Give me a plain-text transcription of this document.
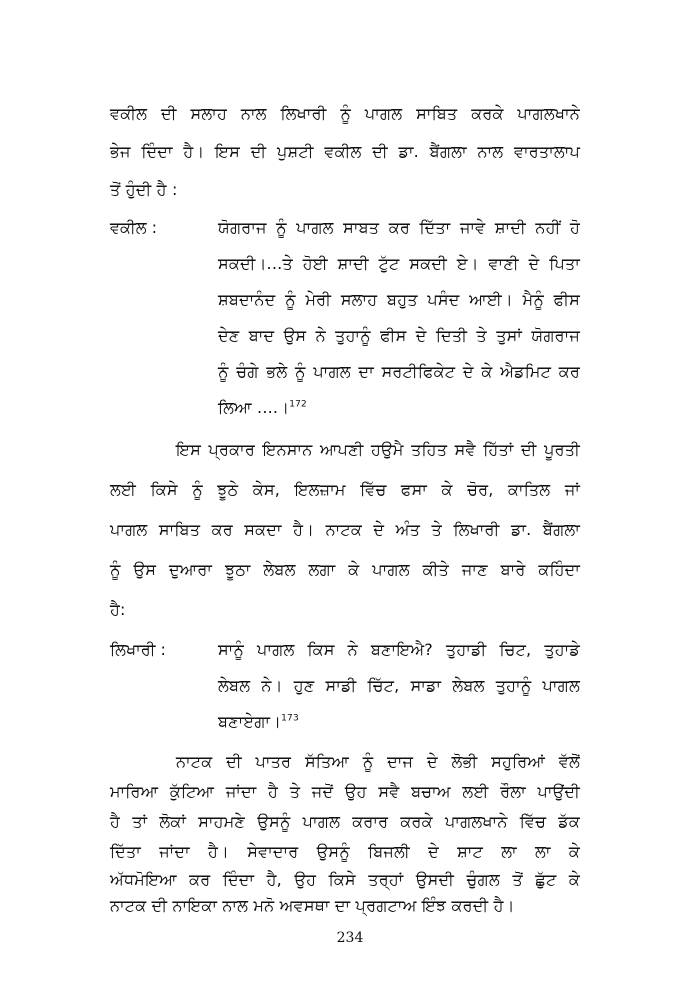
ਵਕੀਲ ਦੀ ਸਲਾਹ ਨਾਲ ਲਿਖਾਰੀ ਨੂੰ ਪਾਗਲ ਸਾਬਿਤ ਕਰਕੇ ਪਾਗਲਖਾਨੇ
ਭੇਜ ਦਿੰਦਾ ਹੈ। ਇਸ ਦੀ ਪੁਸ਼ਟੀ ਵਕੀਲ ਦੀ ਡਾ. ਬੈਂਗਲਾ ਨਾਲ ਵਾਰਤਾਲਾਪ
ਤੋਂ ਹੁੰਦੀ ਹੈ :
ਵਕੀਲ :	ਯੋਗਰਾਜ ਨੂੰ ਪਾਗਲ ਸਾਬਤ ਕਰ ਦਿੱਤਾ ਜਾਵੇ ਸ਼ਾਦੀ ਨਹੀਂ ਹੋ
ਸਕਦੀ।...ਤੇ ਹੋਈ ਸ਼ਾਦੀ ਟੁੱਟ ਸਕਦੀ ਏ। ਵਾਣੀ ਦੇ ਪਿਤਾ
ਸ਼ਬਦਾਨੰਦ ਨੂੰ ਮੇਰੀ ਸਲਾਹ ਬਹੁਤ ਪਸੰਦ ਆਈ। ਮੈਨੂੰ ਫੀਸ
ਦੇਣ ਬਾਦ ਉਸ ਨੇ ਤੁਹਾਨੂੰ ਫੀਸ ਦੇ ਦਿਤੀ ਤੇ ਤੁਸਾਂ ਯੋਗਰਾਜ
ਨੂੰ ਚੰਗੇ ਭਲੇ ਨੂੰ ਪਾਗਲ ਦਾ ਸਰਟੀਫਿਕੇਟ ਦੇ ਕੇ ਐਡਮਿਟ ਕਰ
ਲਿਆ ....।$^{172}$
ਇਸ ਪ੍ਰਕਾਰ ਇਨਸਾਨ ਆਪਣੀ ਹਉਮੈ ਤਹਿਤ ਸਵੈ ਹਿੱਤਾਂ ਦੀ ਪੂਰਤੀ
ਲਈ ਕਿਸੇ ਨੂੰ ਝੂਠੇ ਕੇਸ, ਇਲਜ਼ਾਮ ਵਿੱਚ ਫਸਾ ਕੇ ਚੋਰ, ਕਾਤਿਲ ਜਾਂ
ਪਾਗਲ ਸਾਬਿਤ ਕਰ ਸਕਦਾ ਹੈ। ਨਾਟਕ ਦੇ ਅੰਤ ਤੇ ਲਿਖਾਰੀ ਡਾ. ਬੈਂਗਲਾ
ਨੂੰ ਉਸ ਦੁਆਰਾ ਝੂਠਾ ਲੇਬਲ ਲਗਾ ਕੇ ਪਾਗਲ ਕੀਤੇ ਜਾਣ ਬਾਰੇ ਕਹਿੰਦਾ
ਹੈ:
ਲਿਖਾਰੀ :	ਸਾਨੂੰ ਪਾਗਲ ਕਿਸ ਨੇ ਬਣਾਇਐ? ਤੁਹਾਡੀ ਚਿਟ, ਤੁਹਾਡੇ
ਲੇਬਲ ਨੇ। ਹੁਣ ਸਾਡੀ ਚਿੱਟ, ਸਾਡਾ ਲੇਬਲ ਤੁਹਾਨੂੰ ਪਾਗਲ
ਬਣਾਏਗਾ।$^{173}$
ਨਾਟਕ ਦੀ ਪਾਤਰ ਸੱਤਿਆ ਨੂੰ ਦਾਜ ਦੇ ਲੋਭੀ ਸਹੁਰਿਆਂ ਵੱਲੋਂ
ਮਾਰਿਆ ਕੁੱਟਿਆ ਜਾਂਦਾ ਹੈ ਤੇ ਜਦੋਂ ਉਹ ਸਵੈ ਬਚਾਅ ਲਈ ਰੌਲਾ ਪਾਉਂਦੀ
ਹੈ ਤਾਂ ਲੋਕਾਂ ਸਾਹਮਣੇ ਉਸਨੂੰ ਪਾਗਲ ਕਰਾਰ ਕਰਕੇ ਪਾਗਲਖਾਨੇ ਵਿੱਚ ਡੱਕ
ਦਿੱਤਾ ਜਾਂਦਾ ਹੈ। ਸੇਵਾਦਾਰ ਉਸਨੂੰ ਬਿਜਲੀ ਦੇ ਸ਼ਾਟ ਲਾ ਲਾ ਕੇ
ਅੱਧਮੋਇਆ ਕਰ ਦਿੰਦਾ ਹੈ, ਉਹ ਕਿਸੇ ਤਰ੍ਹਾਂ ਉਸਦੀ ਚੁੰਗਲ ਤੋਂ ਛੁੱਟ ਕੇ
ਨਾਟਕ ਦੀ ਨਾਇਕਾ ਨਾਲ ਮਨੋ ਅਵਸਥਾ ਦਾ ਪ੍ਰਗਟਾਅ ਇੰਝ ਕਰਦੀ ਹੈ।
234
